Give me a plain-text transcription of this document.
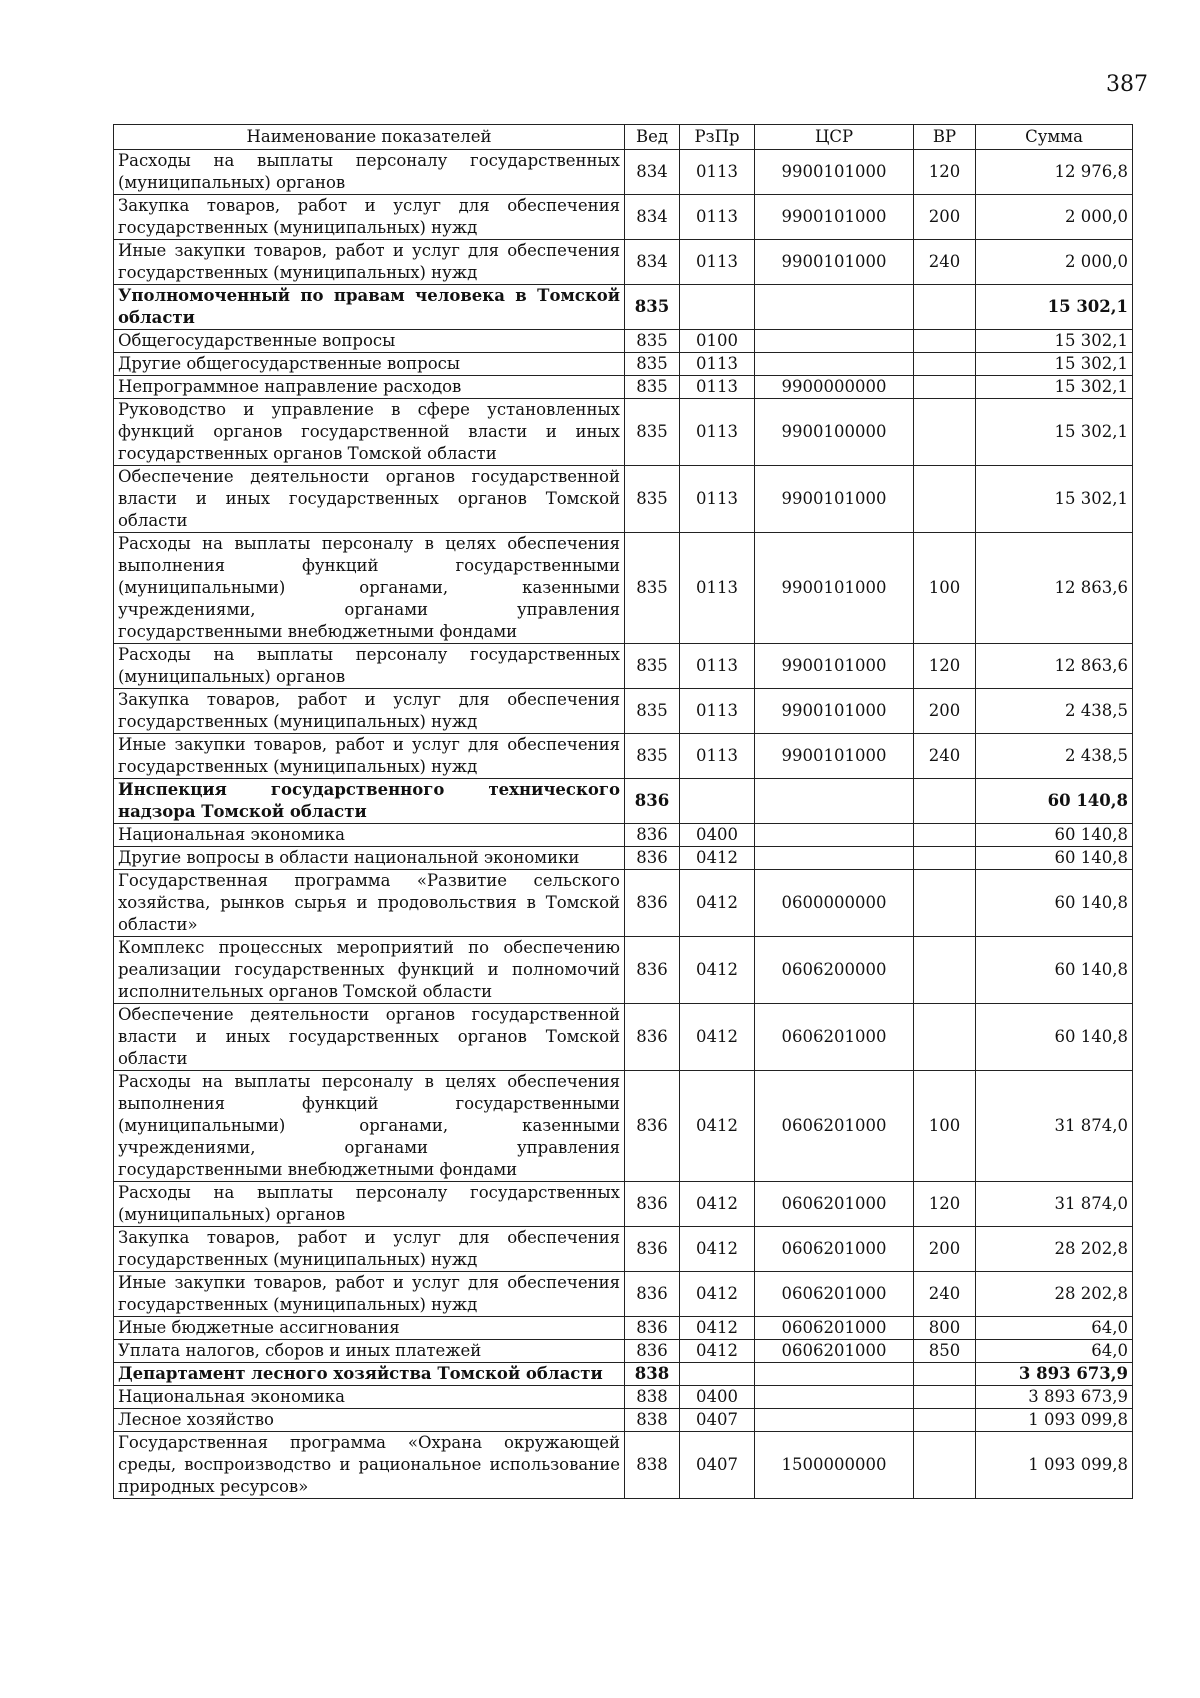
387
Наименование показателей	Вед	РзПр	ЦСР	ВР	Сумма
Расходы на выплаты персоналу государственных (муниципальных) органов	834	0113	9900101000	120	12 976,8
Закупка товаров, работ и услуг для обеспечения государственных (муниципальных) нужд	834	0113	9900101000	200	2 000,0
Иные закупки товаров, работ и услуг для обеспечения государственных (муниципальных) нужд	834	0113	9900101000	240	2 000,0
Уполномоченный по правам человека в Томской области	835				15 302,1
Общегосударственные вопросы	835	0100			15 302,1
Другие общегосударственные вопросы	835	0113			15 302,1
Непрограммное направление расходов	835	0113	9900000000		15 302,1
Руководство и управление в сфере установленных функций органов государственной власти и иных государственных органов Томской области	835	0113	9900100000		15 302,1
Обеспечение деятельности органов государственной власти и иных государственных органов Томской области	835	0113	9900101000		15 302,1
Расходы на выплаты персоналу в целях обеспечения выполнения функций государственными (муниципальными) органами, казенными учреждениями, органами управления государственными внебюджетными фондами	835	0113	9900101000	100	12 863,6
Расходы на выплаты персоналу государственных (муниципальных) органов	835	0113	9900101000	120	12 863,6
Закупка товаров, работ и услуг для обеспечения государственных (муниципальных) нужд	835	0113	9900101000	200	2 438,5
Иные закупки товаров, работ и услуг для обеспечения государственных (муниципальных) нужд	835	0113	9900101000	240	2 438,5
Инспекция государственного технического надзора Томской области	836				60 140,8
Национальная экономика	836	0400			60 140,8
Другие вопросы в области национальной экономики	836	0412			60 140,8
Государственная программа «Развитие сельского хозяйства, рынков сырья и продовольствия в Томской области»	836	0412	0600000000		60 140,8
Комплекс процессных мероприятий по обеспечению реализации государственных функций и полномочий исполнительных органов Томской области	836	0412	0606200000		60 140,8
Обеспечение деятельности органов государственной власти и иных государственных органов Томской области	836	0412	0606201000		60 140,8
Расходы на выплаты персоналу в целях обеспечения выполнения функций государственными (муниципальными) органами, казенными учреждениями, органами управления государственными внебюджетными фондами	836	0412	0606201000	100	31 874,0
Расходы на выплаты персоналу государственных (муниципальных) органов	836	0412	0606201000	120	31 874,0
Закупка товаров, работ и услуг для обеспечения государственных (муниципальных) нужд	836	0412	0606201000	200	28 202,8
Иные закупки товаров, работ и услуг для обеспечения государственных (муниципальных) нужд	836	0412	0606201000	240	28 202,8
Иные бюджетные ассигнования	836	0412	0606201000	800	64,0
Уплата налогов, сборов и иных платежей	836	0412	0606201000	850	64,0
Департамент лесного хозяйства Томской области	838				3 893 673,9
Национальная экономика	838	0400			3 893 673,9
Лесное хозяйство	838	0407			1 093 099,8
Государственная программа «Охрана окружающей среды, воспроизводство и рациональное использование природных ресурсов»	838	0407	1500000000		1 093 099,8
